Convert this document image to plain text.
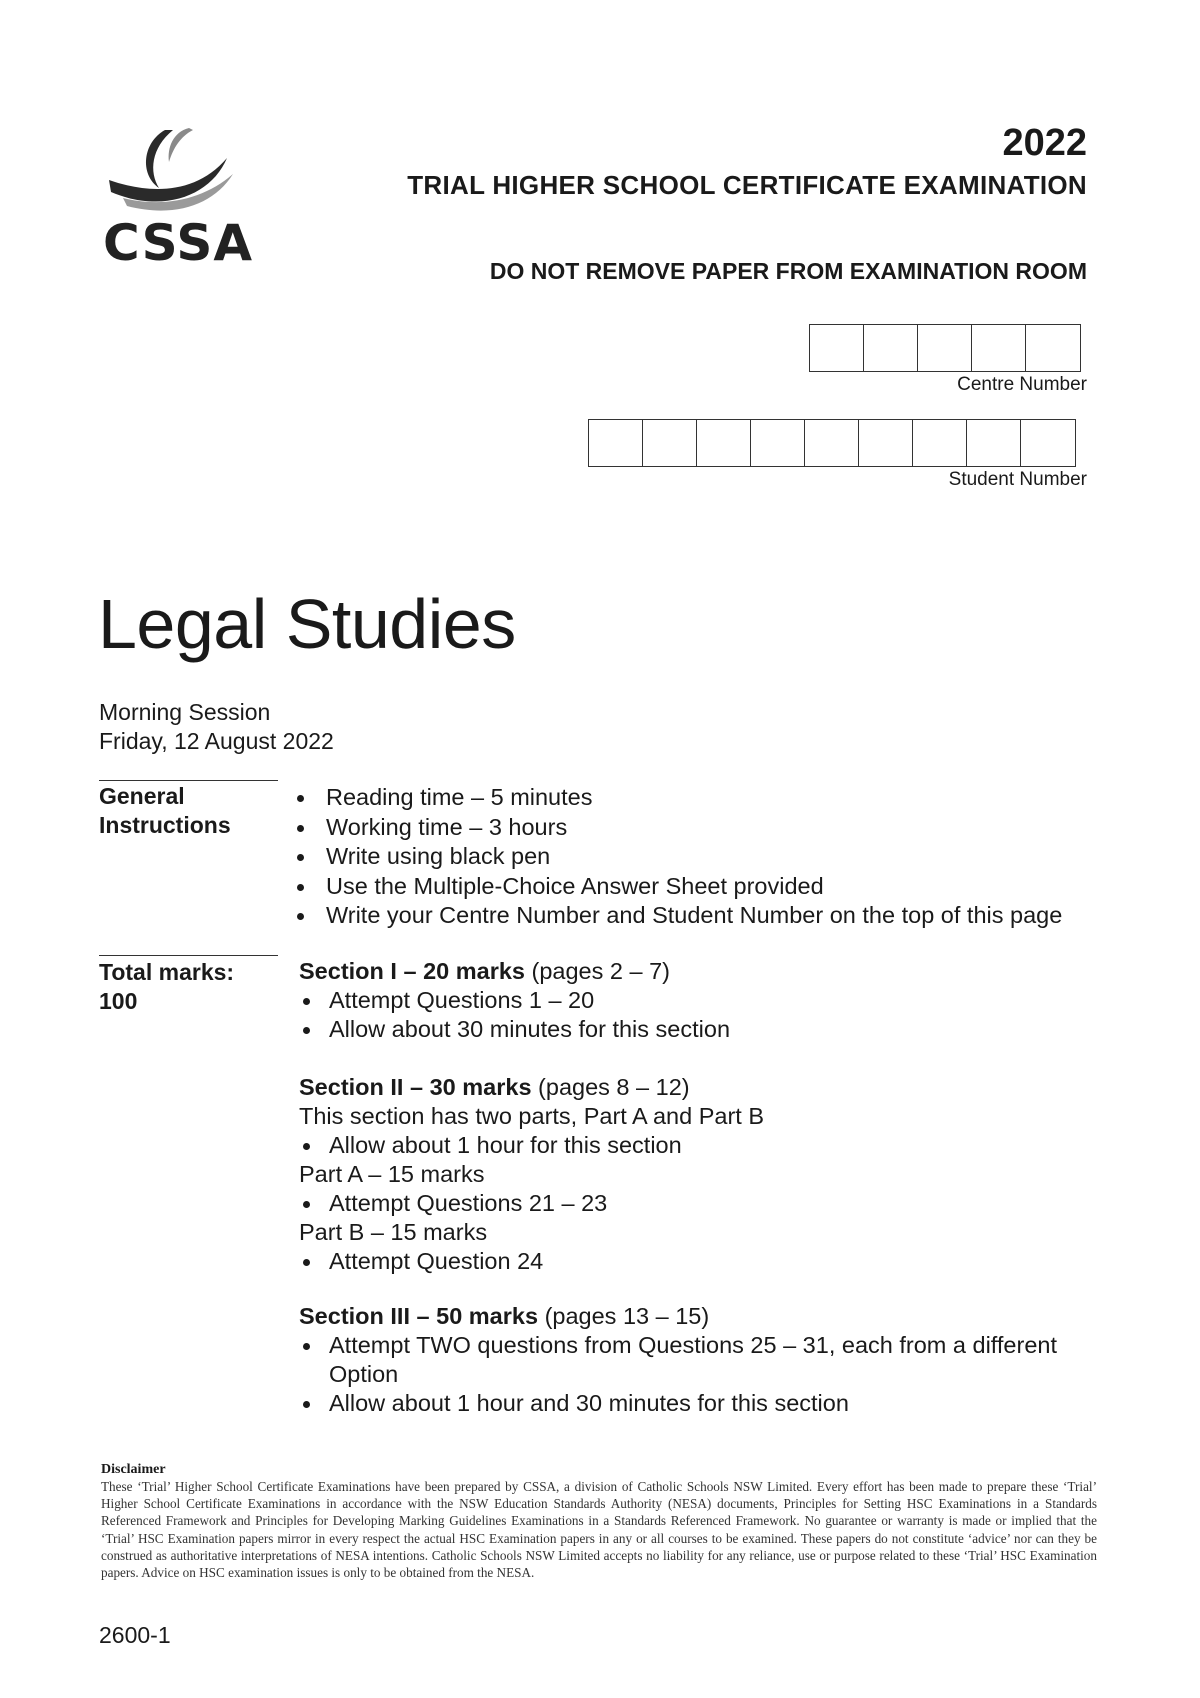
CSSA
2022
TRIAL HIGHER SCHOOL CERTIFICATE EXAMINATION
DO NOT REMOVE PAPER FROM EXAMINATION ROOM
Centre Number
Student Number
Legal Studies
Morning Session
Friday, 12 August 2022
General
Instructions
Reading time – 5 minutes
Working time – 3 hours
Write using black pen
Use the Multiple-Choice Answer Sheet provided
Write your Centre Number and Student Number on the top of this page
Total marks:
100
Section I – 20 marks (pages 2 – 7)
Attempt Questions 1 – 20
Allow about 30 minutes for this section
Section II – 30 marks (pages 8 – 12)
This section has two parts, Part A and Part B
Allow about 1 hour for this section
Part A – 15 marks
Attempt Questions 21 – 23
Part B – 15 marks
Attempt Question 24
Section III – 50 marks (pages 13 – 15)
Attempt TWO questions from Questions 25 – 31, each from a different
Option
Allow about 1 hour and 30 minutes for this section
Disclaimer
These ‘Trial’ Higher School Certificate Examinations have been prepared by CSSA, a division of Catholic Schools NSW Limited. Every effort has been made to prepare these ‘Trial’ Higher School Certificate Examinations in accordance with the NSW Education Standards Authority (NESA) documents, Principles for Setting HSC Examinations in a Standards Referenced Framework and Principles for Developing Marking Guidelines Examinations in a Standards Referenced Framework. No guarantee or warranty is made or implied that the ‘Trial’ HSC Examination papers mirror in every respect the actual HSC Examination papers in any or all courses to be examined. These papers do not constitute ‘advice’ nor can they be construed as authoritative interpretations of NESA intentions. Catholic Schools NSW Limited accepts no liability for any reliance, use or purpose related to these ‘Trial’ HSC Examination papers. Advice on HSC examination issues is only to be obtained from the NESA.
2600-1
